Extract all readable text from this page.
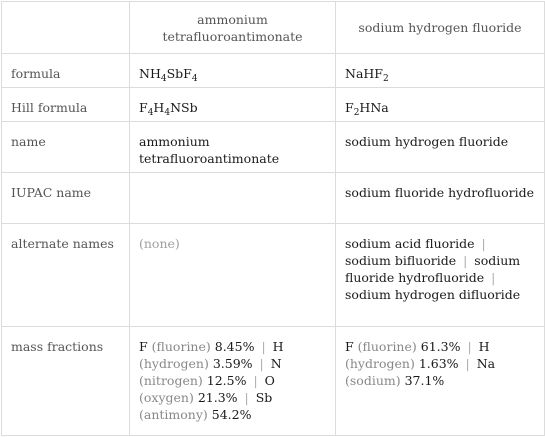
	ammonium tetrafluoroantimonate	sodium hydrogen fluoride
formula	$NH_4SbF_4$	NaHF$_2$
Hill formula	$F_4H_4NSb$	$F_2HNa$
name	ammonium tetrafluoroantimonate	sodium hydrogen fluoride
IUPAC name		sodium fluoride hydrofluoride
alternate names	(none)	sodium acid fluoride | sodium bifluoride | sodium fluoride hydrofluoride | sodium hydrogen difluoride
mass fractions	F (fluorine) 8.45% | H (hydrogen) 3.59% | N (nitrogen) 12.5% | O (oxygen) 21.3% | Sb (antimony) 54.2%	F (fluorine) 61.3% | H (hydrogen) 1.63% | Na (sodium) 37.1%
